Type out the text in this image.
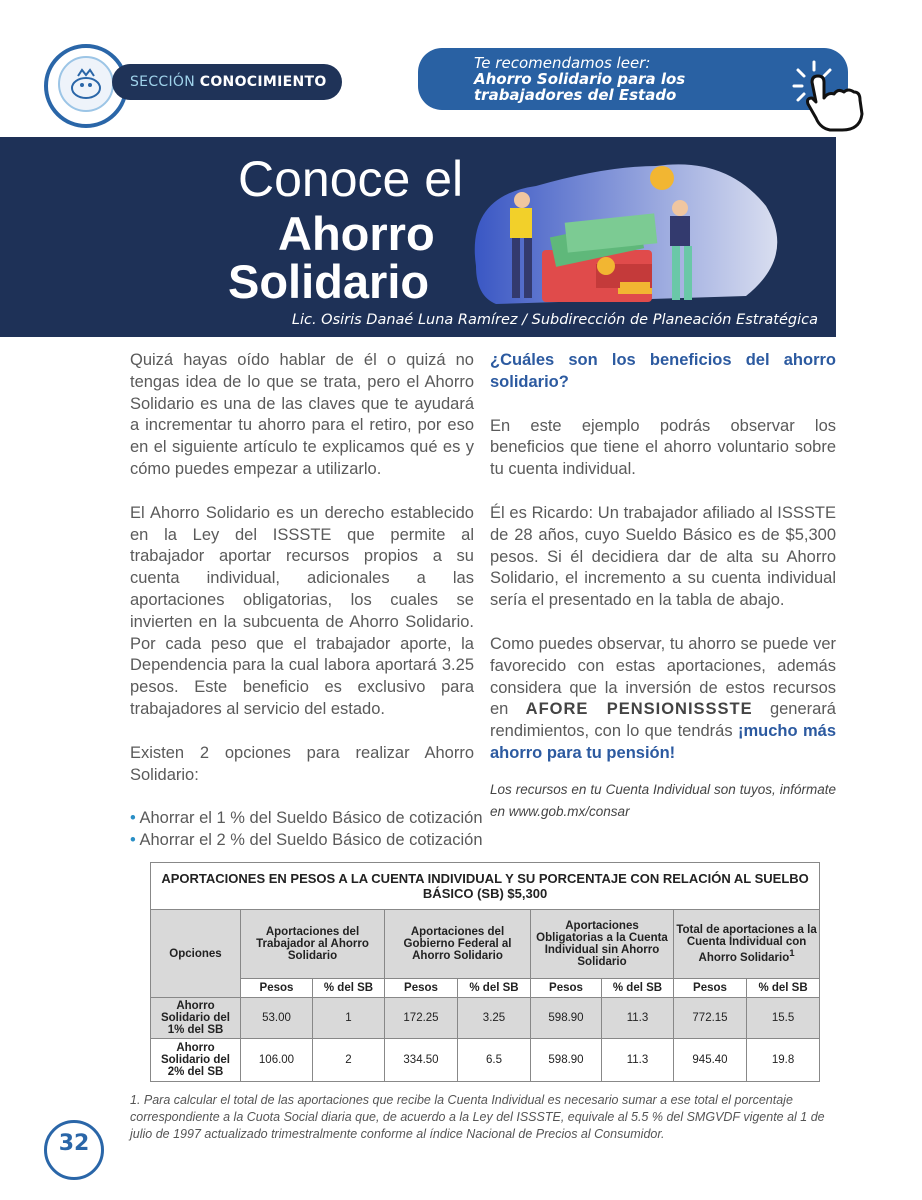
SECCIÓN CONOCIMIENTO
Te recomendamos leer:
Ahorro Solidario para los
trabajadores del Estado
Conoce el
Ahorro
Solidario
Lic. Osiris Danaé Luna Ramírez / Subdirección de Planeación Estratégica

Quizá hayas oído hablar de él o quizá no tengas idea de lo que se trata, pero el Ahorro Solidario es una de las claves que te ayudará a incrementar tu ahorro para el retiro, por eso en el siguiente artículo te explicamos qué es y cómo puedes empezar a utilizarlo.

El Ahorro Solidario es un derecho establecido en la Ley del ISSSTE que permite al trabajador aportar recursos propios a su cuenta individual, adicionales a las aportaciones obligatorias, los cuales se invierten en la subcuenta de Ahorro Solidario. Por cada peso que el trabajador aporte, la Dependencia para la cual labora aportará 3.25 pesos. Este beneficio es exclusivo para trabajadores al servicio del estado.

Existen 2 opciones para realizar Ahorro Solidario:

• Ahorrar el 1 % del Sueldo Básico de cotización
• Ahorrar el 2 % del Sueldo Básico de cotización

¿Cuáles son los beneficios del ahorro solidario?

En este ejemplo podrás observar los beneficios que tiene el ahorro voluntario sobre tu cuenta individual.

Él es Ricardo: Un trabajador afiliado al ISSSTE de 28 años, cuyo Sueldo Básico es de $5,300 pesos. Si él decidiera dar de alta su Ahorro Solidario, el incremento a su cuenta individual sería el presentado en la tabla de abajo.

Como puedes observar, tu ahorro se puede ver favorecido con estas aportaciones, además considera que la inversión de estos recursos en AFORE PENSIONISSSTE generará rendimientos, con lo que tendrás ¡mucho más ahorro para tu pensión!

Los recursos en tu Cuenta Individual son tuyos, infórmate en www.gob.mx/consar
APORTACIONES EN PESOS A LA CUENTA INDIVIDUAL Y SU PORCENTAJE CON RELACIÓN AL SUELBO BÁSICO (SB) $5,300								
Opciones	Aportaciones del Trabajador al Ahorro Solidario		Aportaciones del Gobierno Federal al Ahorro Solidario		Aportaciones Obligatorias a la Cuenta Individual sin Ahorro Solidario		Total de aportaciones a la Cuenta Individual con Ahorro Solidario$^1$
	Pesos	% del SB	Pesos	% del SB	Pesos	% del SB	Pesos	% del SB
Ahorro Solidario del 1% del SB	53.00	1	172.25	3.25	598.90	11.3	772.15	15.5
Ahorro Solidario del 2% del SB	106.00	2	334.50	6.5	598.90	11.3	945.40	19.8
1. Para calcular el total de las aportaciones que recibe la Cuenta Individual es necesario sumar a ese total el porcentaje correspondiente a la Cuota Social diaria que, de acuerdo a la Ley del ISSSTE, equivale al 5.5 % del SMGVDF vigente al 1 de julio de 1997 actualizado trimestralmente conforme al índice Nacional de Precios al Consumidor.
32
